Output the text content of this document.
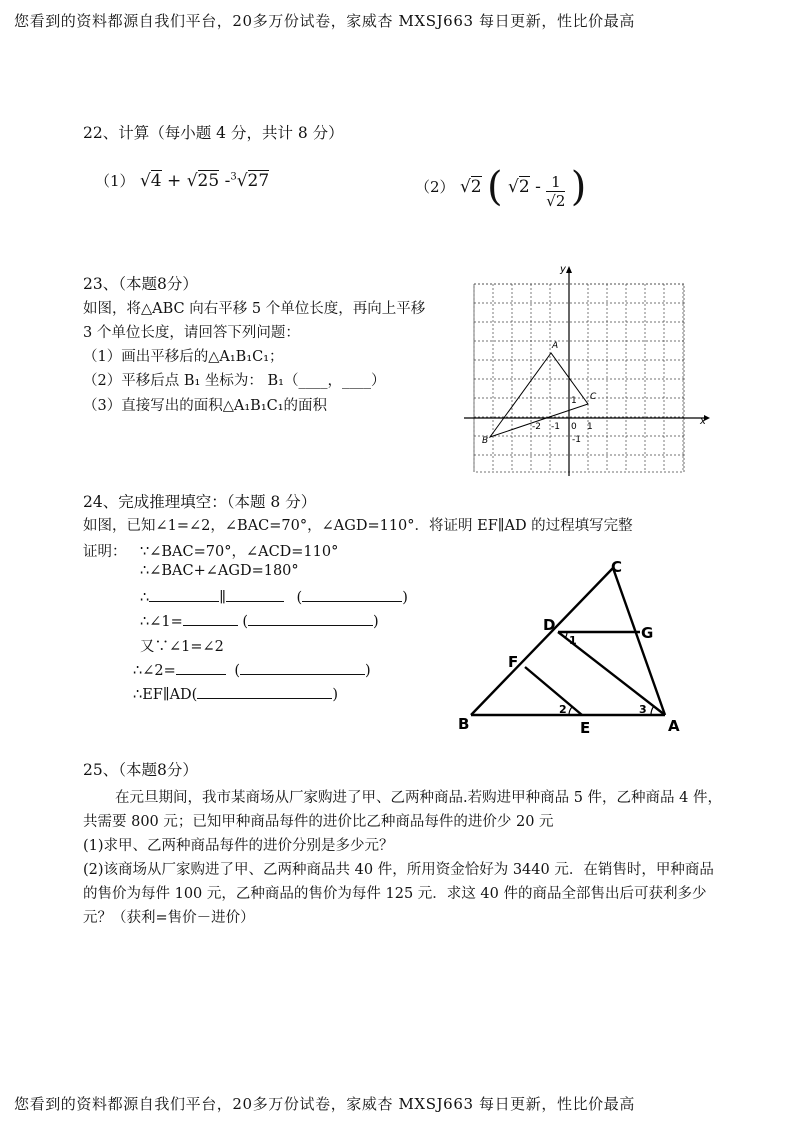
您看到的资料都源自我们平台，20多万份试卷，家威杏 MXSJ663 每日更新，性比价最高
您看到的资料都源自我们平台，20多万份试卷，家威杏 MXSJ663 每日更新，性比价最高
22、计算（每小题 4 分，共计 8 分）
（1） √4 + √25 -$^3$√27	（2） √2 ( $√2 - \frac{1}{√2}$ )
23、（本题8分）
如图，将△ABC 向右平移 5 个单位长度，再向上平移
3 个单位长度，请回答下列问题：
（1）画出平移后的△A₁B₁C₁；
（2）平移后点 B₁ 坐标为： B₁（____，____）
（3）直接写出的面积△A₁B₁C₁的面积
y
x
A
B
C
-2 -1 0 1
1
-1
24、完成推理填空：（本题 8 分）
如图，已知∠1=∠2，∠BAC=70°，∠AGD=110°．将证明 EF∥AD 的过程填写完整
证明： ∵∠BAC=70°，∠ACD=110°
∴∠BAC+∠AGD=180°
∴	∥	(	)
∴∠1=	(	)
又∵∠1=∠2
∴∠2=	(	)
∴EF∥AD(	)
C
D	G
F
B	E	A
1
2	3
25、（本题8分）
在元旦期间，我市某商场从厂家购进了甲、乙两种商品.若购进甲种商品 5 件，乙种商品 4 件，共需要 800 元；已知甲种商品每件的进价比乙种商品每件的进价少 20 元
(1)求甲、乙两种商品每件的进价分别是多少元？
(2)该商场从厂家购进了甲、乙两种商品共 40 件，所用资金恰好为 3440 元．在销售时，甲种商品的售价为每件 100 元，乙种商品的售价为每件 125 元．求这 40 件的商品全部售出后可获利多少元？（获利=售价－进价）
